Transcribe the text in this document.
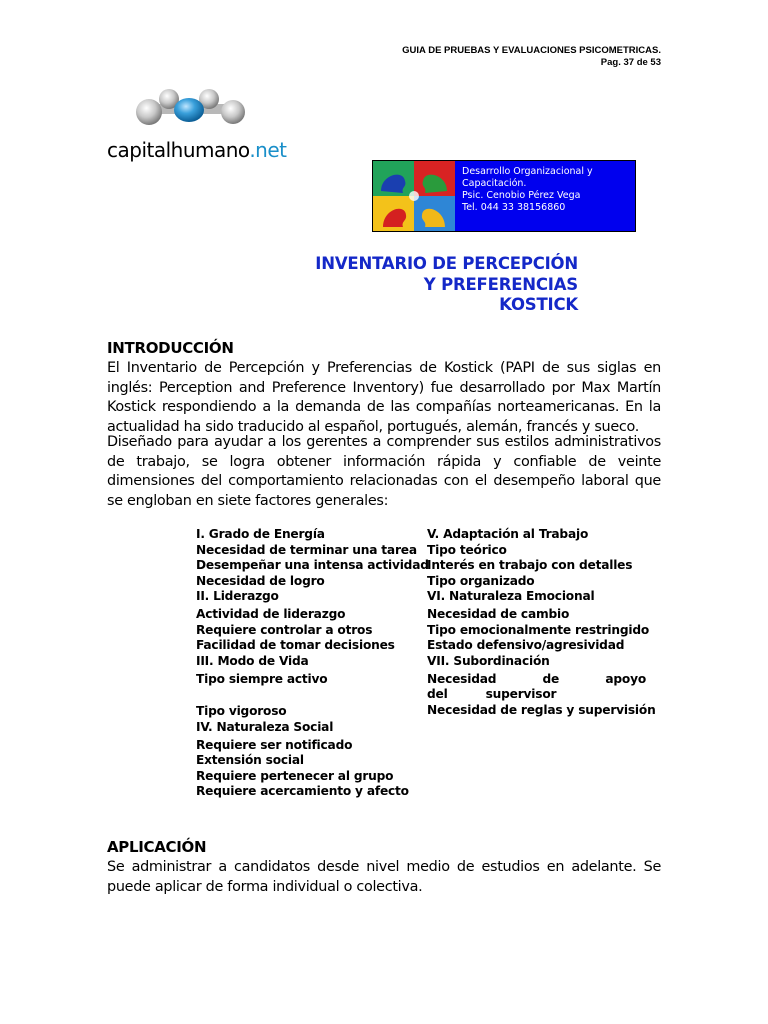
GUIA DE PRUEBAS Y EVALUACIONES PSICOMETRICAS.
Pag. 37 de 53
capitalhumano.net
Desarrollo Organizacional y
Capacitación.
Psic. Cenobio Pérez Vega
Tel. 044 33 38156860
INVENTARIO DE PERCEPCIÓN
Y PREFERENCIAS
KOSTICK
INTRODUCCIÓN
El Inventario de Percepción y Preferencias de Kostick (PAPI de sus siglas en inglés: Perception and Preference Inventory) fue desarrollado por Max Martín Kostick respondiendo a la demanda de las compañías norteamericanas. En la actualidad ha sido traducido al español, portugués, alemán, francés y sueco.
Diseñado para ayudar a los gerentes a comprender sus estilos administrativos de trabajo, se logra obtener información rápida y confiable de veinte dimensiones del comportamiento relacionadas con el desempeño laboral que se engloban en siete factores generales:
I. Grado de Energía
Necesidad de terminar una tarea
Desempeñar una intensa actividad
Necesidad de logro
II. Liderazgo
Actividad de liderazgo
Requiere controlar a otros
Facilidad de tomar decisiones
III. Modo de Vida
Tipo siempre activo
Tipo vigoroso
IV. Naturaleza Social
Requiere ser notificado
Extensión social
Requiere pertenecer al grupo
Requiere acercamiento y afecto
V. Adaptación al Trabajo
Tipo teórico
Interés en trabajo con detalles
Tipo organizado
VI. Naturaleza Emocional
Necesidad de cambio
Tipo emocionalmente restringido
Estado defensivo/agresividad
VII. Subordinación
Necesidad de apoyo del supervisor
Necesidad de reglas y supervisión
APLICACIÓN
Se administrar a candidatos desde nivel medio de estudios en adelante. Se puede aplicar de forma individual o colectiva.
